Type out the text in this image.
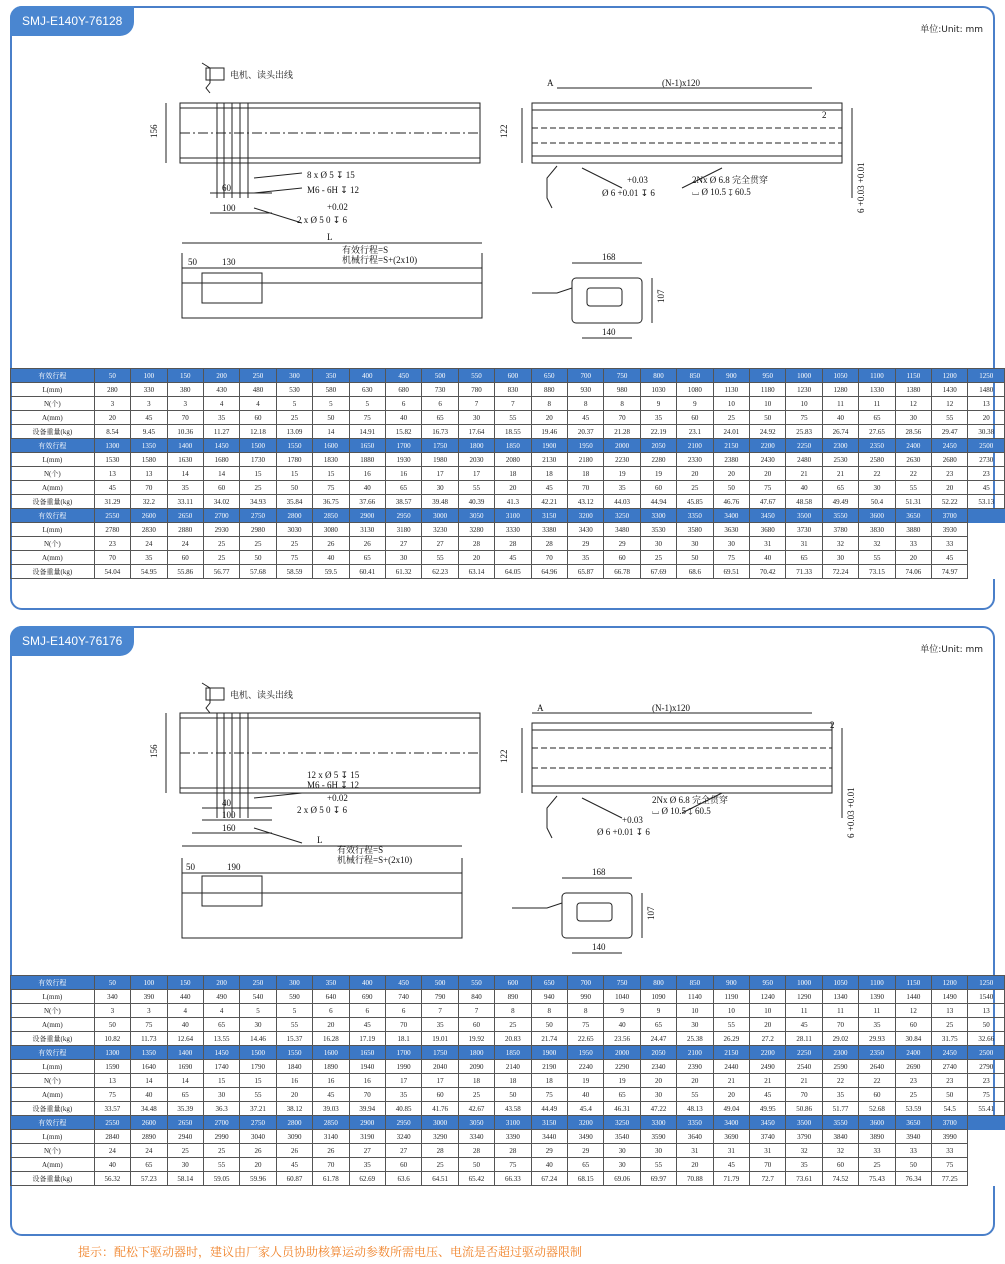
SMJ-E140Y-76128
单位:Unit: mm
电机、读头出线
156
8 x Ø 5 ↧ 15
M6 - 6H ↧ 12
60
100	+0.02
2 x Ø 5 0 ↧ 6
(N-1)x120
A
122
2
+0.03
Ø 6 +0.01 ↧ 6
2Nx Ø 6.8 完全贯穿
⌴ Ø 10.5 ↧ 60.5	6 +0.03 +0.01
L
有效行程=S
机械行程=S+(2x10)
50	130	168
107
140
有效行程	50	100	150	200	250	300	350	400	450	500	550	600	650	700	750	800	850	900	950	1000	1050	1100	1150	1200	1250
L(mm)	280	330	380	430	480	530	580	630	680	730	780	830	880	930	980	1030	1080	1130	1180	1230	1280	1330	1380	1430	1480
N(个)	3	3	3	4	4	5	5	5	6	6	7	7	8	8	8	9	9	10	10	10	11	11	12	12	13
A(mm)	20	45	70	35	60	25	50	75	40	65	30	55	20	45	70	35	60	25	50	75	40	65	30	55	20
设备重量(kg)	8.54	9.45	10.36	11.27	12.18	13.09	14	14.91	15.82	16.73	17.64	18.55	19.46	20.37	21.28	22.19	23.1	24.01	24.92	25.83	26.74	27.65	28.56	29.47	30.38
有效行程	1300	1350	1400	1450	1500	1550	1600	1650	1700	1750	1800	1850	1900	1950	2000	2050	2100	2150	2200	2250	2300	2350	2400	2450	2500
L(mm)	1530	1580	1630	1680	1730	1780	1830	1880	1930	1980	2030	2080	2130	2180	2230	2280	2330	2380	2430	2480	2530	2580	2630	2680	2730
N(个)	13	13	14	14	15	15	15	16	16	17	17	18	18	18	19	19	20	20	20	21	21	22	22	23	23
A(mm)	45	70	35	60	25	50	75	40	65	30	55	20	45	70	35	60	25	50	75	40	65	30	55	20	45
设备重量(kg)	31.29	32.2	33.11	34.02	34.93	35.84	36.75	37.66	38.57	39.48	40.39	41.3	42.21	43.12	44.03	44.94	45.85	46.76	47.67	48.58	49.49	50.4	51.31	52.22	53.13
有效行程	2550	2600	2650	2700	2750	2800	2850	2900	2950	3000	3050	3100	3150	3200	3250	3300	3350	3400	3450	3500	3550	3600	3650	3700	
L(mm)	2780	2830	2880	2930	2980	3030	3080	3130	3180	3230	3280	3330	3380	3430	3480	3530	3580	3630	3680	3730	3780	3830	3880	3930	
N(个)	23	24	24	25	25	25	26	26	27	27	28	28	28	29	29	30	30	30	31	31	32	32	33	33	
A(mm)	70	35	60	25	50	75	40	65	30	55	20	45	70	35	60	25	50	75	40	65	30	55	20	45	
设备重量(kg)	54.04	54.95	55.86	56.77	57.68	58.59	59.5	60.41	61.32	62.23	63.14	64.05	64.96	65.87	66.78	67.69	68.6	69.51	70.42	71.33	72.24	73.15	74.06	74.97	
SMJ-E140Y-76176
单位:Unit: mm
电机、读头出线
156
12 x Ø 5 ↧ 15
M6 - 6H ↧ 12
40
100
160
+0.02
2 x Ø 5 0 ↧ 6
(N-1)x120
A
122
2
+0.03
Ø 6 +0.01 ↧ 6
2Nx Ø 6.8 完全贯穿
⌴ Ø 10.5 ↧ 60.5	6 +0.03 +0.01
L
有效行程=S
机械行程=S+(2x10)
50	190	168
107
140
有效行程	50	100	150	200	250	300	350	400	450	500	550	600	650	700	750	800	850	900	950	1000	1050	1100	1150	1200	1250
L(mm)	340	390	440	490	540	590	640	690	740	790	840	890	940	990	1040	1090	1140	1190	1240	1290	1340	1390	1440	1490	1540
N(个)	3	3	4	4	5	5	6	6	6	7	7	8	8	8	9	9	10	10	10	11	11	11	12	13	13
A(mm)	50	75	40	65	30	55	20	45	70	35	60	25	50	75	40	65	30	55	20	45	70	35	60	25	50
设备重量(kg)	10.82	11.73	12.64	13.55	14.46	15.37	16.28	17.19	18.1	19.01	19.92	20.83	21.74	22.65	23.56	24.47	25.38	26.29	27.2	28.11	29.02	29.93	30.84	31.75	32.66
有效行程	1300	1350	1400	1450	1500	1550	1600	1650	1700	1750	1800	1850	1900	1950	2000	2050	2100	2150	2200	2250	2300	2350	2400	2450	2500
L(mm)	1590	1640	1690	1740	1790	1840	1890	1940	1990	2040	2090	2140	2190	2240	2290	2340	2390	2440	2490	2540	2590	2640	2690	2740	2790
N(个)	13	14	14	15	15	16	16	16	17	17	18	18	18	19	19	20	20	21	21	21	22	22	23	23	23
A(mm)	75	40	65	30	55	20	45	70	35	60	25	50	75	40	65	30	55	20	45	70	35	60	25	50	75
设备重量(kg)	33.57	34.48	35.39	36.3	37.21	38.12	39.03	39.94	40.85	41.76	42.67	43.58	44.49	45.4	46.31	47.22	48.13	49.04	49.95	50.86	51.77	52.68	53.59	54.5	55.41
有效行程	2550	2600	2650	2700	2750	2800	2850	2900	2950	3000	3050	3100	3150	3200	3250	3300	3350	3400	3450	3500	3550	3600	3650	3700	
L(mm)	2840	2890	2940	2990	3040	3090	3140	3190	3240	3290	3340	3390	3440	3490	3540	3590	3640	3690	3740	3790	3840	3890	3940	3990	
N(个)	24	24	25	25	26	26	26	27	27	28	28	28	29	29	30	30	31	31	31	32	32	33	33	33	
A(mm)	40	65	30	55	20	45	70	35	60	25	50	75	40	65	30	55	20	45	70	35	60	25	50	75	
设备重量(kg)	56.32	57.23	58.14	59.05	59.96	60.87	61.78	62.69	63.6	64.51	65.42	66.33	67.24	68.15	69.06	69.97	70.88	71.79	72.7	73.61	74.52	75.43	76.34	77.25	
提示：配松下驱动器时，建议由厂家人员协助核算运动参数所需电压、电流是否超过驱动器限制
